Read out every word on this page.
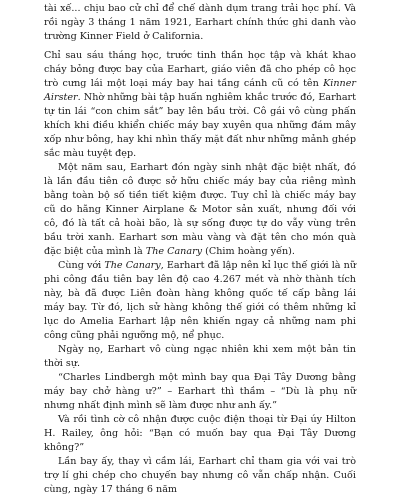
tài xế... chịu bao cử chỉ để chế dành dụm trang trải học phí. Và rồi ngày 3 tháng 1 năm 1921, Earhart chính thức ghi danh vào trường Kinner Field ở California.

Chỉ sau sáu tháng học, trước tinh thần học tập và khát khao cháy bỏng được bay của Earhart, giáo viên đã cho phép cô học trò cưng lái một loại máy bay hai tầng cánh cũ có tên Kinner Airster. Nhờ những bài tập huấn nghiêm khắc trước đó, Earhart tự tin lái “con chim sắt” bay lên bầu trời. Cô gái vô cùng phấn khích khi điều khiển chiếc máy bay xuyên qua những đám mây xốp như bông, hay khi nhìn thấy mặt đất như những mảnh ghép sắc màu tuyệt đẹp.

Một năm sau, Earhart đón ngày sinh nhật đặc biệt nhất, đó là lần đầu tiên cô được sở hữu chiếc máy bay của riêng mình bằng toàn bộ số tiền tiết kiệm được. Tuy chỉ là chiếc máy bay cũ do hãng Kinner Airplane & Motor sản xuất, nhưng đối với cô, đó là tất cả hoài bão, là sự sống được tự do vẫy vùng trên bầu trời xanh. Earhart sơn màu vàng và đặt tên cho món quà đặc biệt của mình là The Canary (Chim hoàng yến).

Cùng với The Canary, Earhart đã lập nên kỉ lục thế giới là nữ phi công đầu tiên bay lên độ cao 4.267 mét và nhờ thành tích này, bà đã được Liên đoàn hàng không quốc tế cấp bằng lái máy bay. Từ đó, lịch sử hàng không thế giới có thêm những kỉ lục do Amelia Earhart lập nên khiến ngay cả những nam phi công cũng phải ngưỡng mộ, nể phục.

Ngày nọ, Earhart vô cùng ngạc nhiên khi xem một bản tin thời sự.

“Charles Lindbergh một mình bay qua Đại Tây Dương bằng máy bay chở hàng ư?” – Earhart thì thầm – “Dù là phụ nữ nhưng nhất định mình sẽ làm được như anh ấy.”

Và rồi tình cờ cô nhận được cuộc điện thoại từ Đại úy Hilton H. Railey, ông hỏi: “Bạn có muốn bay qua Đại Tây Dương không?”

Lần bay ấy, thay vì cầm lái, Earhart chỉ tham gia với vai trò trợ lí ghi chép cho chuyến bay nhưng cô vẫn chấp nhận. Cuối cùng, ngày 17 tháng 6 năm
